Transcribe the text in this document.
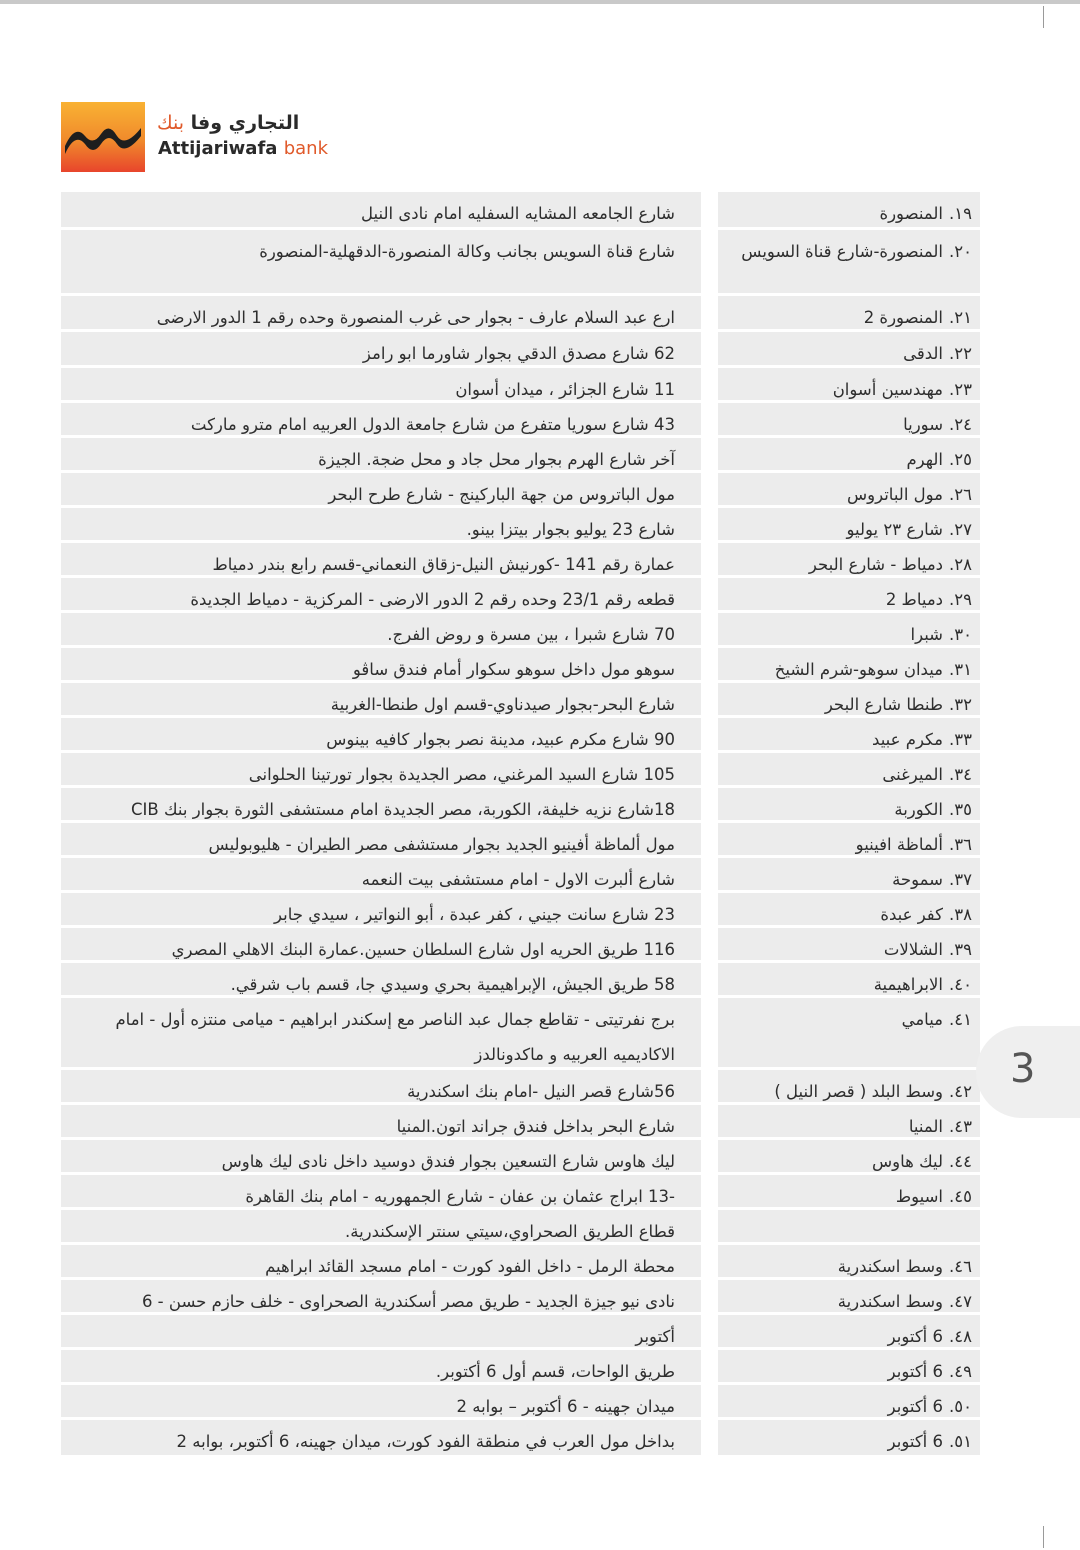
التجاري وفا بنك
Attijariwafa bank
١٩.المنصورة
شارع الجامعه المشايه السفليه امام نادى النيل
٢٠.المنصورة-شارع قناة السويس
شارع قناة السويس بجانب وكالة المنصورة-الدقهلية-المنصورة
٢١.المنصورة 2
ارع عبد السلام عارف - بجوار حى غرب المنصورة وحده رقم 1 الدور الارضى
٢٢.الدقى
62 شارع مصدق الدقي بجوار شاورما ابو رامز
٢٣.مهندسين أسوان
11 شارع الجزائر ، ميدان أسوان
٢٤.سوريا
43 شارع سوريا متفرع من شارع جامعة الدول العربيه امام مترو ماركت
٢٥.الهرم
آخر شارع الهرم بجوار محل جاد و محل ضجة. الجيزة
٢٦.مول الباتروس
مول الباتروس من جهة الباركينج - شارع طرح البحر
٢٧.شارع ٢٣ يوليو
شارع 23 يوليو بجوار بيتزا بينو.
٢٨.دمياط - شارع البحر
عمارة رقم 141 -كورنيش النيل-زقاق النعماني-قسم رابع بندر دمياط
٢٩.دمياط 2
قطعه رقم 23/1 وحده رقم 2 الدور الارضى - المركزية - دمياط الجديدة
٣٠.شبرا
70 شارع شبرا ، بين مسرة و روض الفرج.
٣١.ميدان سوهو-شرم الشيخ
سوهو مول داخل سوهو سكوار أمام فندق ساڤو
٣٢.طنطا شارع البحر
شارع البحر-بجوار صيدناوي-قسم اول طنطا-الغربية
٣٣.مكرم عبيد
90 شارع مكرم عبيد، مدينة نصر بجوار كافيه بينوس
٣٤.الميرغنى
105 شارع السيد المرغني، مصر الجديدة بجوار تورتينا الحلوانى
٣٥.الكوربة
18شارع نزيه خليفة، الكوربة، مصر الجديدة امام مستشفى الثورة بجوار بنك CIB
٣٦.ألماظة افينيو
مول ألماظة أفينيو الجديد بجوار مستشفى مصر الطيران - هليوبوليس
٣٧.سموحة
شارع ألبرت الاول - امام مستشفى بيت النعمه
٣٨.كفر عبدة
23 شارع سانت جيني ، كفر عبدة ، أبو النواتير ، سيدي جابر
٣٩.الشلالات
116 طريق الحريه اول شارع السلطان حسين.عمارة البنك الاهلي المصري
٤٠.الابراهيمية
58 طريق الجيش، الإبراهيمية بحري وسيدي جا، قسم باب شرقي.
٤١.ميامي
برج نفرتيتى - تقاطع جمال عبد الناصر مع إسكندر ابراهيم - ميامى منتزه أول - امام الاكاديميه العربيه و ماكدونالدز
٤٢.وسط البلد ( قصر النيل )
56شارع قصر النيل -امام بنك اسكندرية
٤٣.المنيا
شارع البحر بداخل فندق جراند اتون.المنيا
٤٤.ليك هاوس
ليك هاوس شارع التسعين بجوار فندق دوسيد داخل نادى ليك هاوس
٤٥.اسيوط
-13 ابراج عثمان بن عفان - شارع الجمهوريه - امام بنك القاهرة
قطاع الطريق الصحراوي،سيتي سنتر الإسكندرية.
٤٦.وسط اسكندرية
محطة الرمل - داخل الفود كورت - امام مسجد القائد ابراهيم
٤٧.وسط اسكندرية
نادى نيو جيزة الجديد - طريق مصر أسكندرية الصحراوى - خلف حازم حسن - 6
٤٨.6 أكتوبر
أكتوبر
٤٩.6 أكتوبر
طريق الواحات، قسم أول 6 أكتوبر.
٥٠.6 أكتوبر
ميدان جهينه - 6 أكتوبر – بوابه 2
٥١.6 أكتوبر
بداخل مول العرب في منطقة الفود كورت، ميدان جهينه، 6 أكتوبر، بوابه 2
3
